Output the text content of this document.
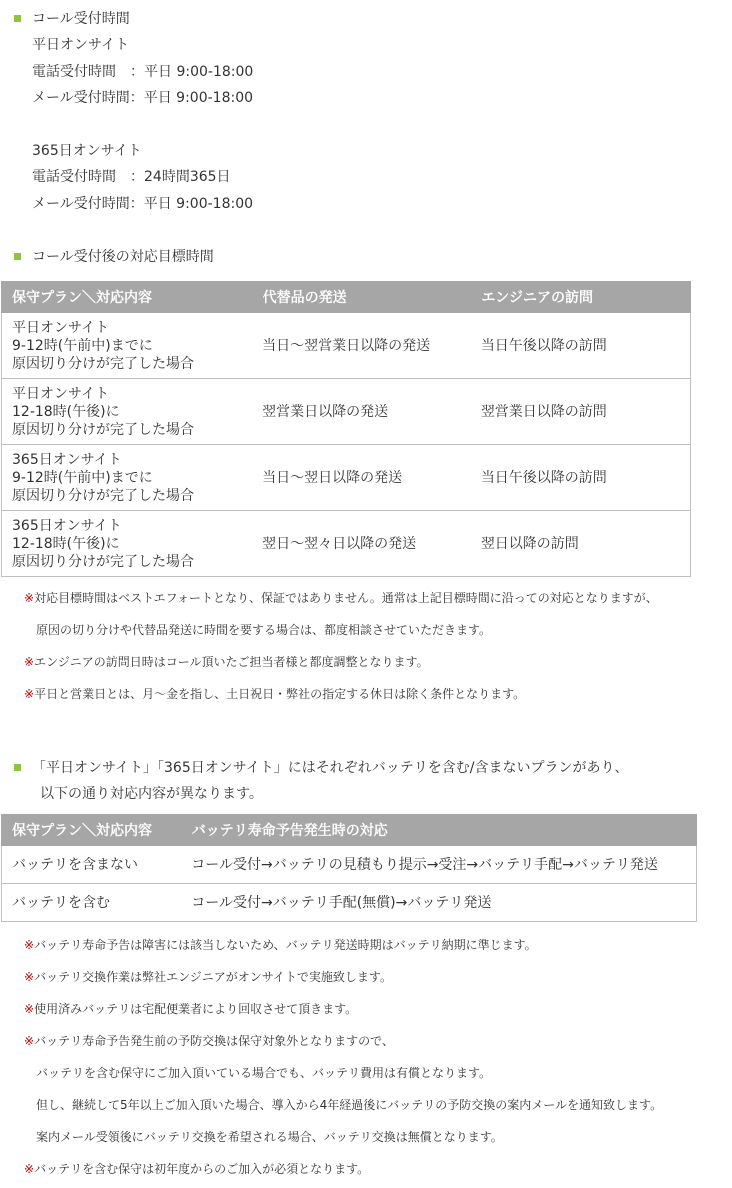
コール受付時間
平日オンサイト
電話受付時間　：平日 9:00-18:00
メール受付時間：平日 9:00-18:00
365日オンサイト
電話受付時間　：24時間365日
メール受付時間：平日 9:00-18:00
コール受付後の対応目標時間
保守プラン＼対応内容	代替品の発送	エンジニアの訪問

平日オンサイト
9-12時(午前中)までに
原因切り分けが完了した場合	当日～翌営業日以降の発送	当日午後以降の訪問

平日オンサイト
12-18時(午後)に
原因切り分けが完了した場合	翌営業日以降の発送	翌営業日以降の訪問

365日オンサイト
9-12時(午前中)までに
原因切り分けが完了した場合	当日～翌日以降の発送	当日午後以降の訪問

365日オンサイト
12-18時(午後)に
原因切り分けが完了した場合	翌日～翌々日以降の発送	翌日以降の訪問
※対応目標時間はベストエフォートとなり、保証ではありません。通常は上記目標時間に沿っての対応となりますが、
原因の切り分けや代替品発送に時間を要する場合は、都度相談させていただきます。
※エンジニアの訪問日時はコール頂いたご担当者様と都度調整となります。
※平日と営業日とは、月～金を指し、土日祝日・弊社の指定する休日は除く条件となります。
「平日オンサイト」「365日オンサイト」にはそれぞれバッテリを含む/含まないプランがあり、
以下の通り対応内容が異なります。
保守プラン＼対応内容	バッテリ寿命予告発生時の対応
バッテリを含まない	コール受付→バッテリの見積もり提示→受注→バッテリ手配→バッテリ発送
バッテリを含む	コール受付→バッテリ手配(無償)→バッテリ発送
※バッテリ寿命予告は障害には該当しないため、バッテリ発送時期はバッテリ納期に準じます。
※バッテリ交換作業は弊社エンジニアがオンサイトで実施致します。
※使用済みバッテリは宅配便業者により回収させて頂きます。
※バッテリ寿命予告発生前の予防交換は保守対象外となりますので、
バッテリを含む保守にご加入頂いている場合でも、バッテリ費用は有償となります。
但し、継続して5年以上ご加入頂いた場合、導入から4年経過後にバッテリの予防交換の案内メールを通知致します。
案内メール受領後にバッテリ交換を希望される場合、バッテリ交換は無償となります。
※バッテリを含む保守は初年度からのご加入が必須となります。
